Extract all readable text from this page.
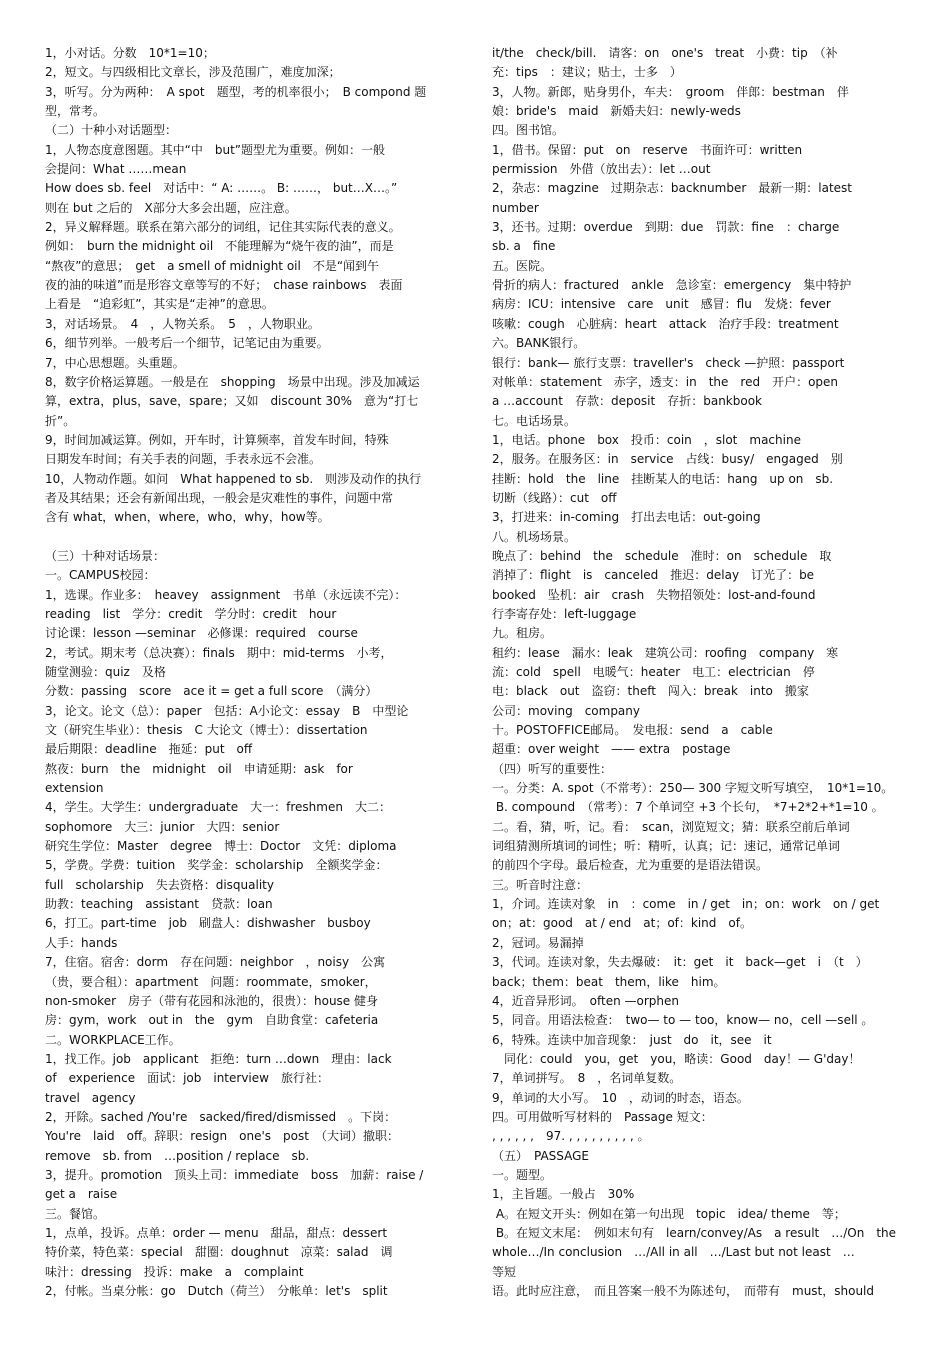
1，小对话。分数　10*1=10；
2，短文。与四级相比文章长，涉及范围广，难度加深；
3，听写。分为两种：　A spot　题型，考的机率很小；　B compond 题
型，常考。
（二）十种小对话题型：
1，人物态度意图题。其中“中　but”题型尤为重要。例如：一般
会提问：What ……mean
How does sb. feel　对话中：“ A: ……。 B: ……， but…X…。”
则在 but 之后的　X部分大多会出题，应注意。
2，异义解释题。联系在第六部分的词组，记住其实际代表的意义。
例如：　burn the midnight oil　不能理解为“烧午夜的油”，而是
“熬夜”的意思；　get　a smell of midnight oil　不是“闻到午
夜的油的味道”而是形容文章等写的不好；　chase rainbows　表面
上看是　“追彩虹”，其实是“走神”的意思。
3，对话场景。　4　，人物关系。　5　，人物职业。
6，细节列举。一般考后一个细节，记笔记由为重要。
7，中心思想题。头重题。
8，数字价格运算题。一般是在　shopping　场景中出现。涉及加减运
算，extra，plus，save，spare；又如　discount 30%　意为“打七
折”。
9，时间加减运算。例如，开车时，计算频率，首发车时间，特殊
日期发车时间；有关手表的问题，手表永远不会准。
10，人物动作题。如问　What happened to sb.　则涉及动作的执行
者及其结果；还会有新闻出现，一般会是灾难性的事件，问题中常
含有 what，when，where，who，why，how等。
（三）十种对话场景：
一。CAMPUS校园：
1，选课。作业多：　heavey　assignment　书单（永远读不完）：
reading　list　学分：credit　学分时：credit　hour
讨论课：lesson —seminar　必修课：required　course
2，考试。期末考（总决赛）：finals　期中：mid-terms　小考，
随堂测验：quiz　及格
分数：passing　score　ace it = get a full score　（满分）
3，论文。论文（总）：paper　包括：A小论文：essay　B　中型论
文（研究生毕业）：thesis　C 大论文（博士）：dissertation
最后期限：deadline　拖延：put　off
熬夜：burn　the　midnight　oil　申请延期：ask　for
extension
4，学生。大学生：undergraduate　大一：freshmen　大二：
sophomore　大三：junior　大四：senior
研究生学位：Master　degree　博士：Doctor　文凭：diploma
5，学费。学费：tuition　奖学金：scholarship　全额奖学金：
full　scholarship　失去资格：disquality
助教：teaching　assistant　贷款：loan
6，打工。part-time　job　刷盘人：dishwasher　busboy
人手：hands
7，住宿。宿舍：dorm　存在问题：neighbor　，noisy　公寓
（贵，要合租）：apartment　问题：roommate，smoker，
non-smoker　房子（带有花园和泳池的，很贵）：house 健身
房：gym，work　out in　the　gym　自助食堂：cafeteria
二。WORKPLACE工作。
1，找工作。job　applicant　拒绝：turn …down　理由：lack
of　experience　面试：job　interview　旅行社：
travel　agency
2，开除。sached /You're　sacked/fired/dismissed　。下岗：
You're　laid　off。辞职：resign　one's　post　（大词）撤职：
remove　sb. from　…position / replace　sb.
3，提升。promotion　顶头上司：immediate　boss　加薪：raise /
get a　raise
三。餐馆。
1，点单，投诉。点单：order — menu　甜品，甜点：dessert
特价菜，特色菜：special　甜圈：doughnut　凉菜：salad　调
味汁：dressing　投诉：make　a　complaint
2，付帐。当桌分帐：go　Dutch（荷兰）　分帐单：let's　split
it/the　check/bill.　请客：on　one's　treat　小费：tip　（补
充：tips　：建议；贴士，士多　）
3，人物。新郎，贴身男仆，车夫：　groom　伴郎：bestman　伴
娘：bride's　maid　新婚夫妇：newly-weds
四。图书馆。
1，借书。保留：put　on　reserve　书面许可：written
permission　外借（放出去）：let …out
2，杂志：magzine　过期杂志：backnumber　最新一期：latest
number
3，还书。过期：overdue　到期：due　罚款：fine　：charge
sb. a　fine
五。医院。
骨折的病人：fractured　ankle　急诊室：emergency　集中特护
病房：ICU：intensive　care　unit　感冒：flu　发烧：fever
咳嗽：cough　心脏病：heart　attack　治疗手段：treatment
六。BANK银行。
银行：bank— 旅行支票：traveller's　check —护照：passport
对帐单：statement　赤字，透支：in　the　red　开户：open
a …account　存款：deposit　存折：bankbook
七。电话场景。
1，电话。phone　box　投币：coin　，slot　machine
2，服务。在服务区：in　service　占线：busy/　engaged　别
挂断：hold　the　line　挂断某人的电话：hang　up on　sb.
切断（线路）：cut　off
3，打进来：in-coming　打出去电话：out-going
八。机场场景。
晚点了：behind　the　schedule　准时：on　schedule　取
消掉了：flight　is　canceled　推迟：delay　订光了：be
booked　坠机：air　crash　失物招领处：lost-and-found
行李寄存处：left-luggage
九。租房。
租约：lease　漏水：leak　建筑公司：roofing　company　寒
流：cold　spell　电暖气：heater　电工：electrician　停
电：black　out　盗窃：theft　闯入：break　into　搬家
公司：moving　company
十。POSTOFFICE邮局。　发电报：send　a　cable
超重：over weight　—— extra　postage
（四）听写的重要性：
一。分类：A. spot（不常考）：250— 300 字短文听写填空，　10*1=10。
B. compound　（常考）：7 个单词空 +3 个长句，　*7+2*2+*1=10 。
二。看，猜，听，记。看：　scan，浏览短文；猜：联系空前后单词
词组猜测所填词的词性；听：精听，认真；记：速记，通常记单词
的前四个字母。最后检查，尤为重要的是语法错误。
三。听音时注意：
1，介词。连读对象　in　：come　in / get　in；on：work　on / get
on；at：good　at / end　at；of：kind　of。
2，冠词。易漏掉
3，代词。连读对象，失去爆破：　it：get　it　back—get　i　（t　）
back；them：beat　them，like　him。
4，近音异形词。　often —orphen
5，同音。用语法检查：　two— to — too，know— no，cell —sell 。
6，特殊。连读中加音现象：　just　do　it，see　it
　同化：could　you，get　you，略读：Good　day！— G'day！
7，单词拼写。　8　，名词单复数。
9，单词的大小写。　10　，动词的时态，语态。
四。可用做听写材料的　Passage 短文：
, , , , , ,　97. , , , , , , , , , 。
（五）　PASSAGE
一。题型。
1，主旨题。一般占　30%
A。在短文开头：例如在第一句出现　topic　idea/ theme　等；
B。在短文末尾：　例如末句有　learn/convey/As　a result　…/On　the
whole…/In conclusion　…/All in all　…/Last but not least　…
等短
语。此时应注意，　而且答案一般不为陈述句，　而带有　must，should
